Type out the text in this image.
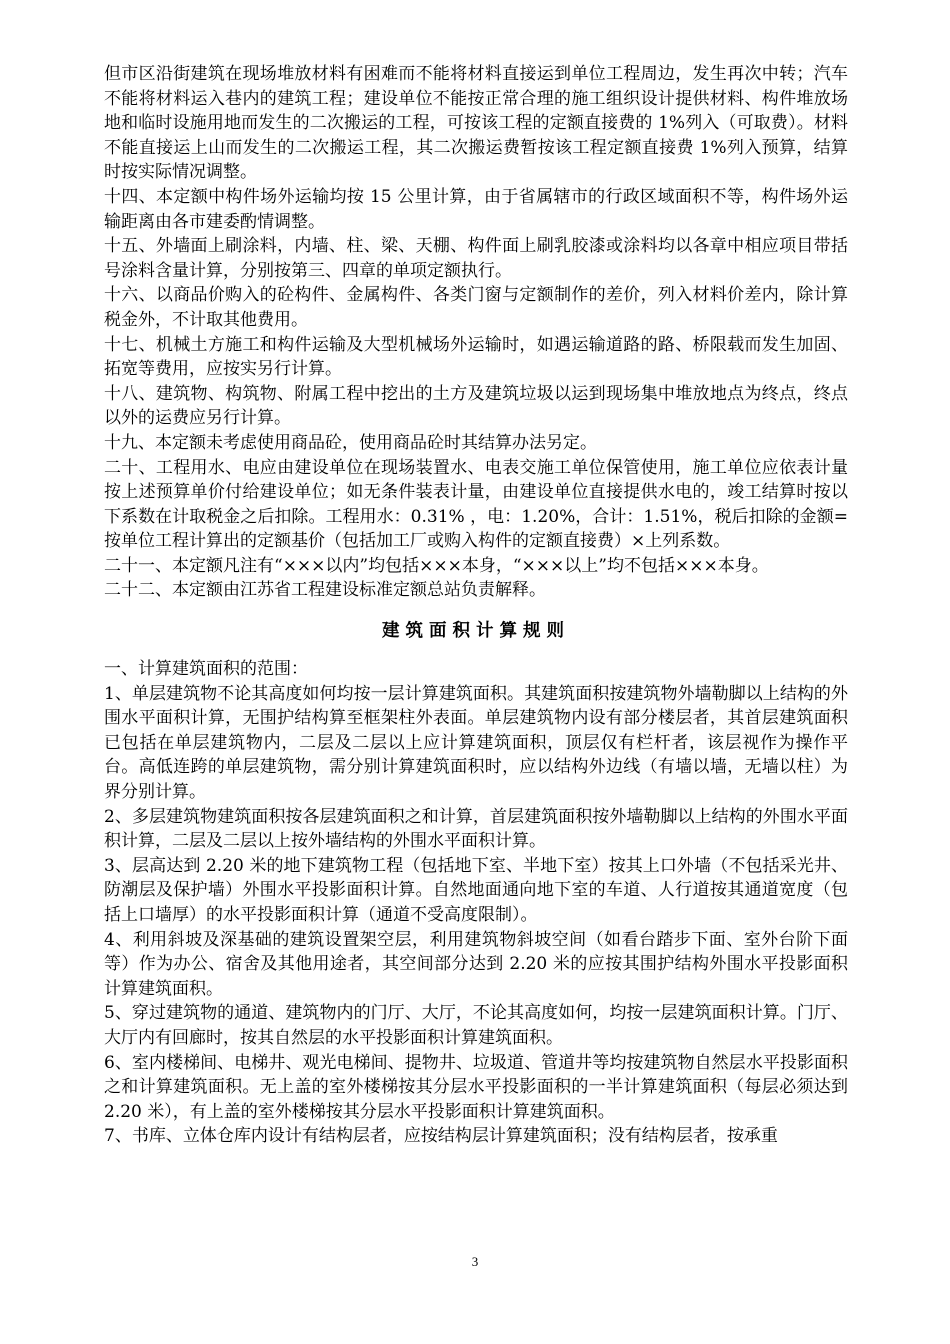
但市区沿街建筑在现场堆放材料有困难而不能将材料直接运到单位工程周边，发生再次中转；汽车不能将材料运入巷内的建筑工程；建设单位不能按正常合理的施工组织设计提供材料、构件堆放场地和临时设施用地而发生的二次搬运的工程，可按该工程的定额直接费的 1%列入（可取费）。材料不能直接运上山而发生的二次搬运工程，其二次搬运费暂按该工程定额直接费 1%列入预算，结算时按实际情况调整。

十四、本定额中构件场外运输均按 15 公里计算，由于省属辖市的行政区域面积不等，构件场外运输距离由各市建委酌情调整。

十五、外墙面上刷涂料，内墙、柱、梁、天棚、构件面上刷乳胶漆或涂料均以各章中相应项目带括号涂料含量计算，分别按第三、四章的单项定额执行。

十六、以商品价购入的砼构件、金属构件、各类门窗与定额制作的差价，列入材料价差内，除计算税金外，不计取其他费用。

十七、机械土方施工和构件运输及大型机械场外运输时，如遇运输道路的路、桥限载而发生加固、拓宽等费用，应按实另行计算。

十八、建筑物、构筑物、附属工程中挖出的土方及建筑垃圾以运到现场集中堆放地点为终点，终点以外的运费应另行计算。

十九、本定额未考虑使用商品砼，使用商品砼时其结算办法另定。

二十、工程用水、电应由建设单位在现场装置水、电表交施工单位保管使用，施工单位应依表计量按上述预算单价付给建设单位；如无条件装表计量，由建设单位直接提供水电的，竣工结算时按以下系数在计取税金之后扣除。工程用水：0.31% ，电：1.20%，合计：1.51%，税后扣除的金额=按单位工程计算出的定额基价（包括加工厂或购入构件的定额直接费）×上列系数。

二十一、本定额凡注有“×××以内”均包括×××本身，“×××以上”均不包括×××本身。

二十二、本定额由江苏省工程建设标准定额总站负责解释。

建筑面积计算规则

一、计算建筑面积的范围：

1、单层建筑物不论其高度如何均按一层计算建筑面积。其建筑面积按建筑物外墙勒脚以上结构的外围水平面积计算，无围护结构算至框架柱外表面。单层建筑物内设有部分楼层者，其首层建筑面积已包括在单层建筑物内，二层及二层以上应计算建筑面积，顶层仅有栏杆者，该层视作为操作平台。高低连跨的单层建筑物，需分别计算建筑面积时，应以结构外边线（有墙以墙，无墙以柱）为界分别计算。

2、多层建筑物建筑面积按各层建筑面积之和计算，首层建筑面积按外墙勒脚以上结构的外围水平面积计算，二层及二层以上按外墙结构的外围水平面积计算。

3、层高达到 2.20 米的地下建筑物工程（包括地下室、半地下室）按其上口外墙（不包括采光井、防潮层及保护墙）外围水平投影面积计算。自然地面通向地下室的车道、人行道按其通道宽度（包括上口墙厚）的水平投影面积计算（通道不受高度限制）。

4、利用斜坡及深基础的建筑设置架空层，利用建筑物斜坡空间（如看台踏步下面、室外台阶下面等）作为办公、宿舍及其他用途者，其空间部分达到 2.20 米的应按其围护结构外围水平投影面积计算建筑面积。

5、穿过建筑物的通道、建筑物内的门厅、大厅，不论其高度如何，均按一层建筑面积计算。门厅、大厅内有回廊时，按其自然层的水平投影面积计算建筑面积。

6、室内楼梯间、电梯井、观光电梯间、提物井、垃圾道、管道井等均按建筑物自然层水平投影面积之和计算建筑面积。无上盖的室外楼梯按其分层水平投影面积的一半计算建筑面积（每层必须达到 2.20 米），有上盖的室外楼梯按其分层水平投影面积计算建筑面积。

7、书库、立体仓库内设计有结构层者，应按结构层计算建筑面积；没有结构层者，按承重

3
